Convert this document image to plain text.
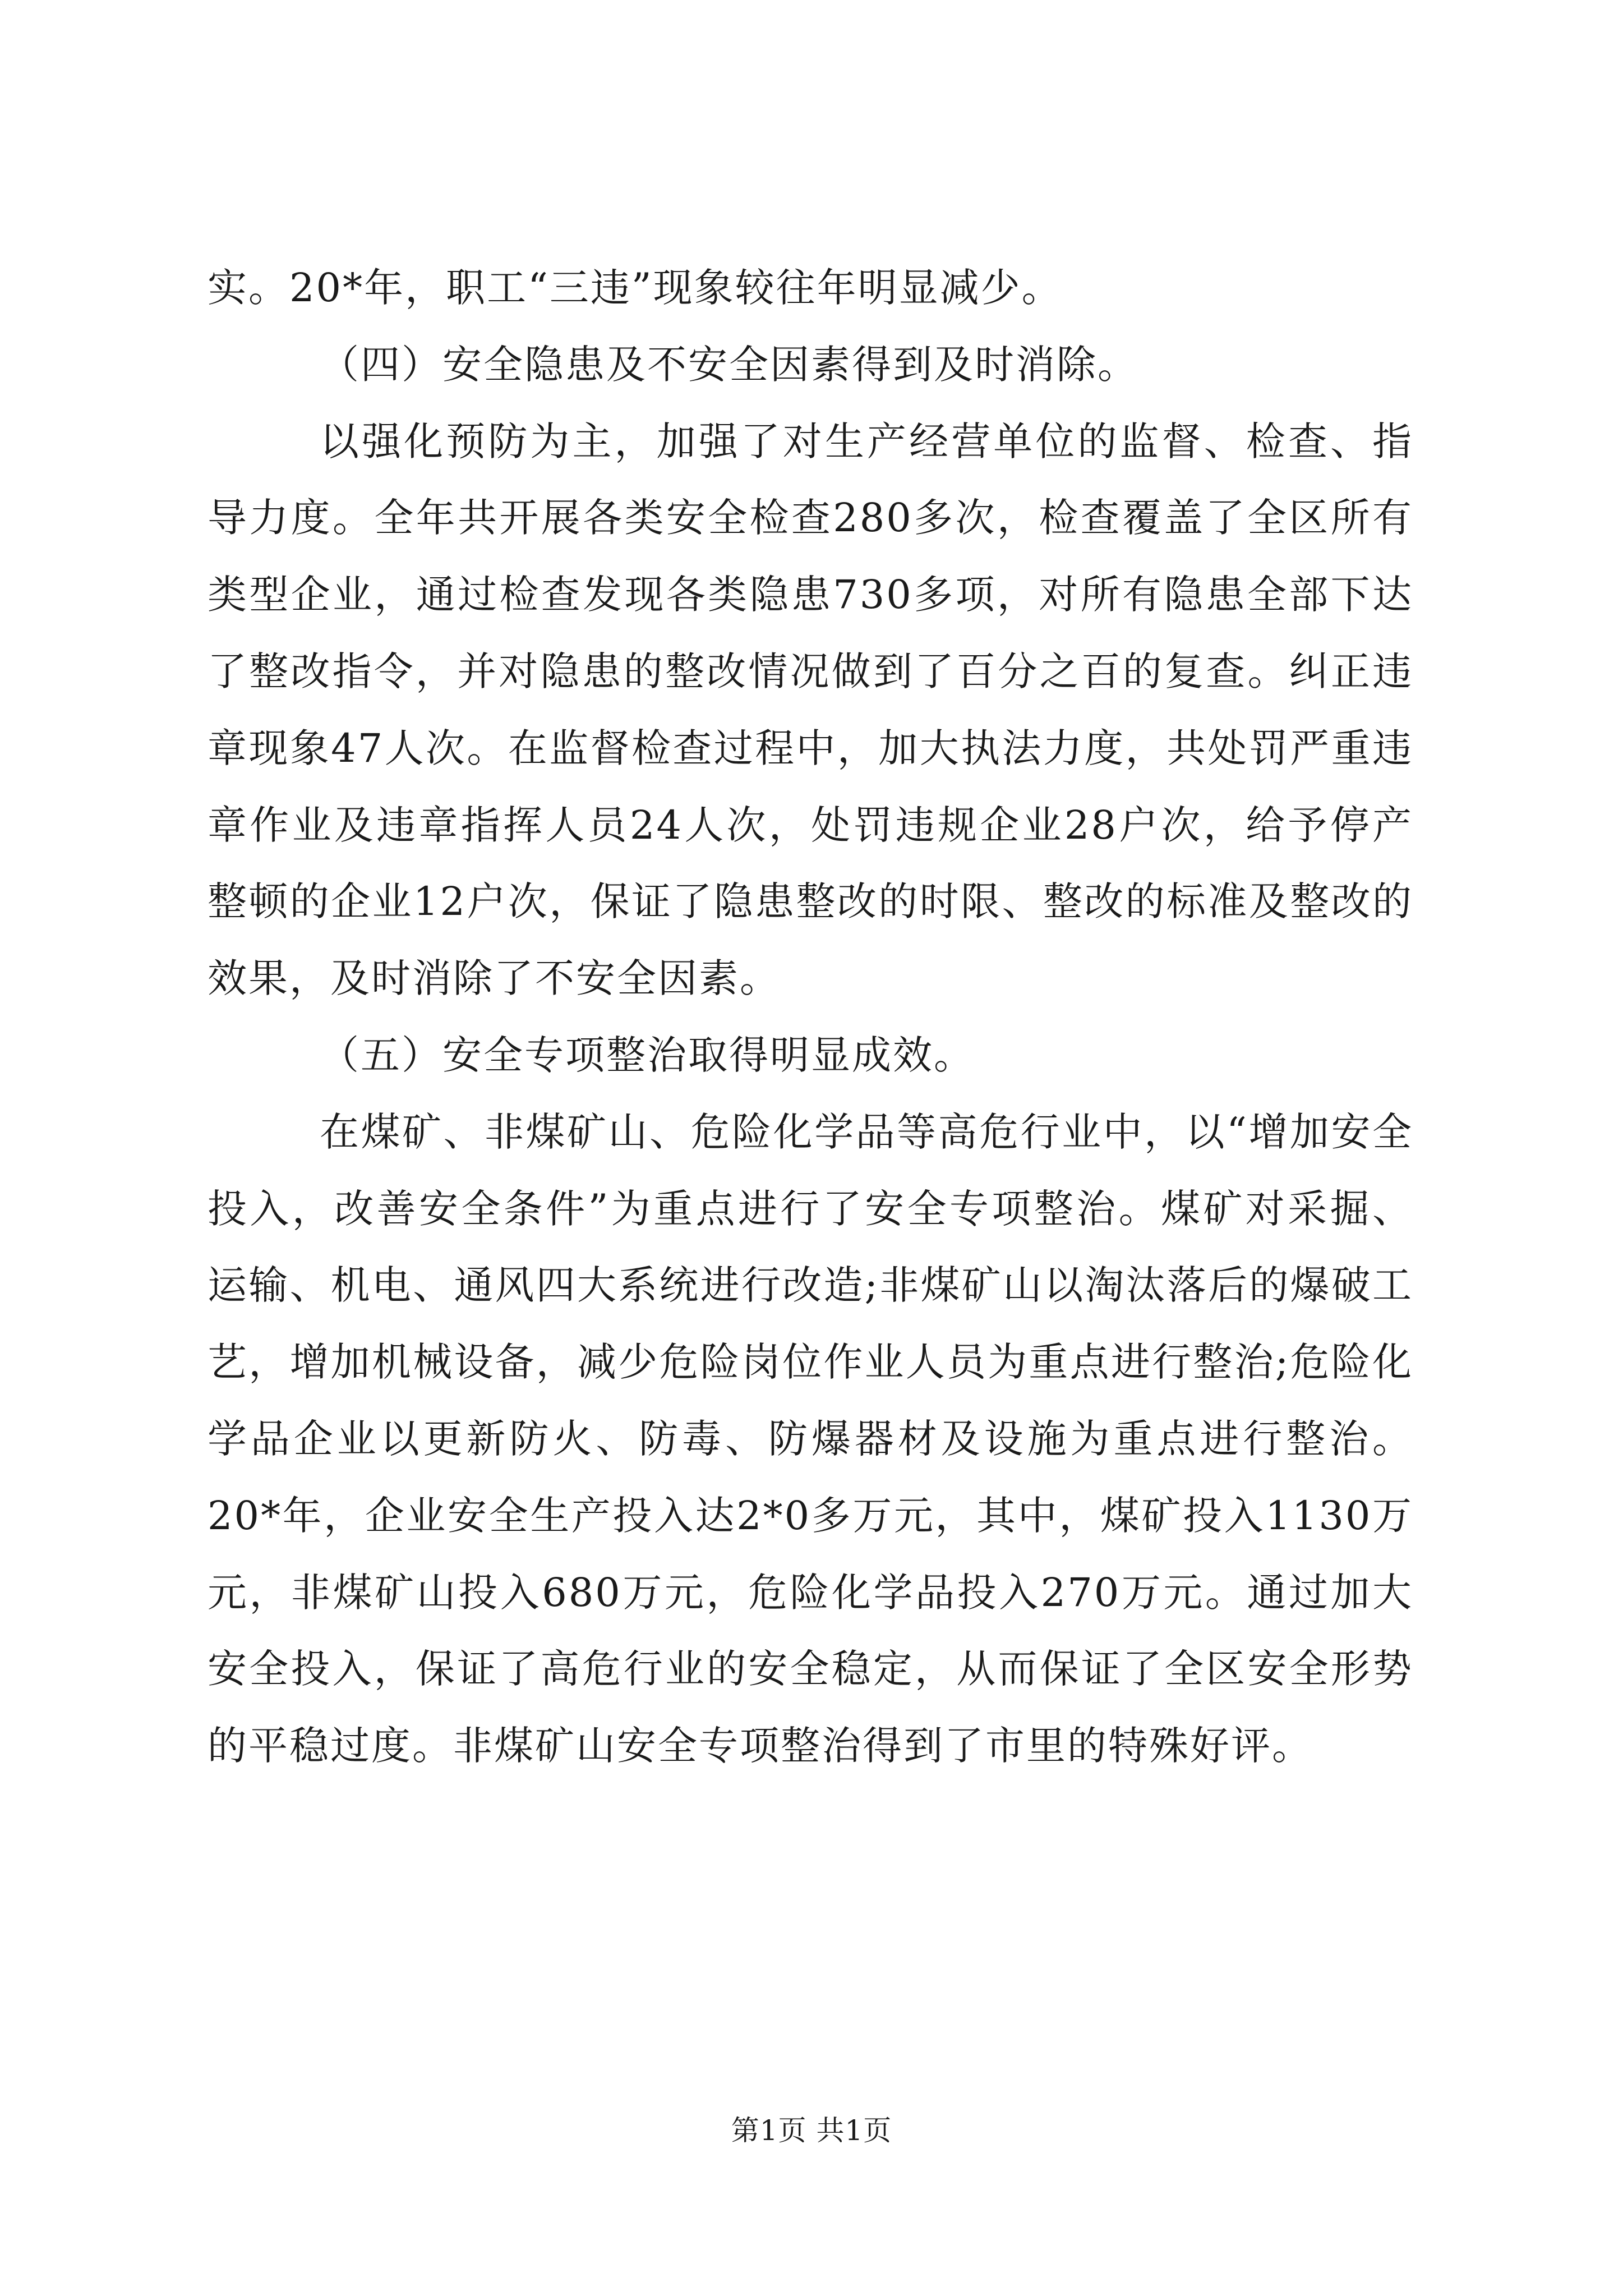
实。20*年，职工“三违”现象较往年明显减少。

（四）安全隐患及不安全因素得到及时消除。

以强化预防为主，加强了对生产经营单位的监督、检查、指导力度。全年共开展各类安全检查280多次，检查覆盖了全区所有类型企业，通过检查发现各类隐患730多项，对所有隐患全部下达了整改指令，并对隐患的整改情况做到了百分之百的复查。纠正违章现象47人次。在监督检查过程中，加大执法力度，共处罚严重违章作业及违章指挥人员24人次，处罚违规企业28户次，给予停产整顿的企业12户次，保证了隐患整改的时限、整改的标准及整改的效果，及时消除了不安全因素。

（五）安全专项整治取得明显成效。

在煤矿、非煤矿山、危险化学品等高危行业中，以“增加安全投入，改善安全条件”为重点进行了安全专项整治。煤矿对采掘、运输、机电、通风四大系统进行改造;非煤矿山以淘汰落后的爆破工艺，增加机械设备，减少危险岗位作业人员为重点进行整治;危险化学品企业以更新防火、防毒、防爆器材及设施为重点进行整治。20*年，企业安全生产投入达2*0多万元，其中，煤矿投入1130万元，非煤矿山投入680万元，危险化学品投入270万元。通过加大安全投入，保证了高危行业的安全稳定，从而保证了全区安全形势的平稳过度。非煤矿山安全专项整治得到了市里的特殊好评。

第1页 共1页
